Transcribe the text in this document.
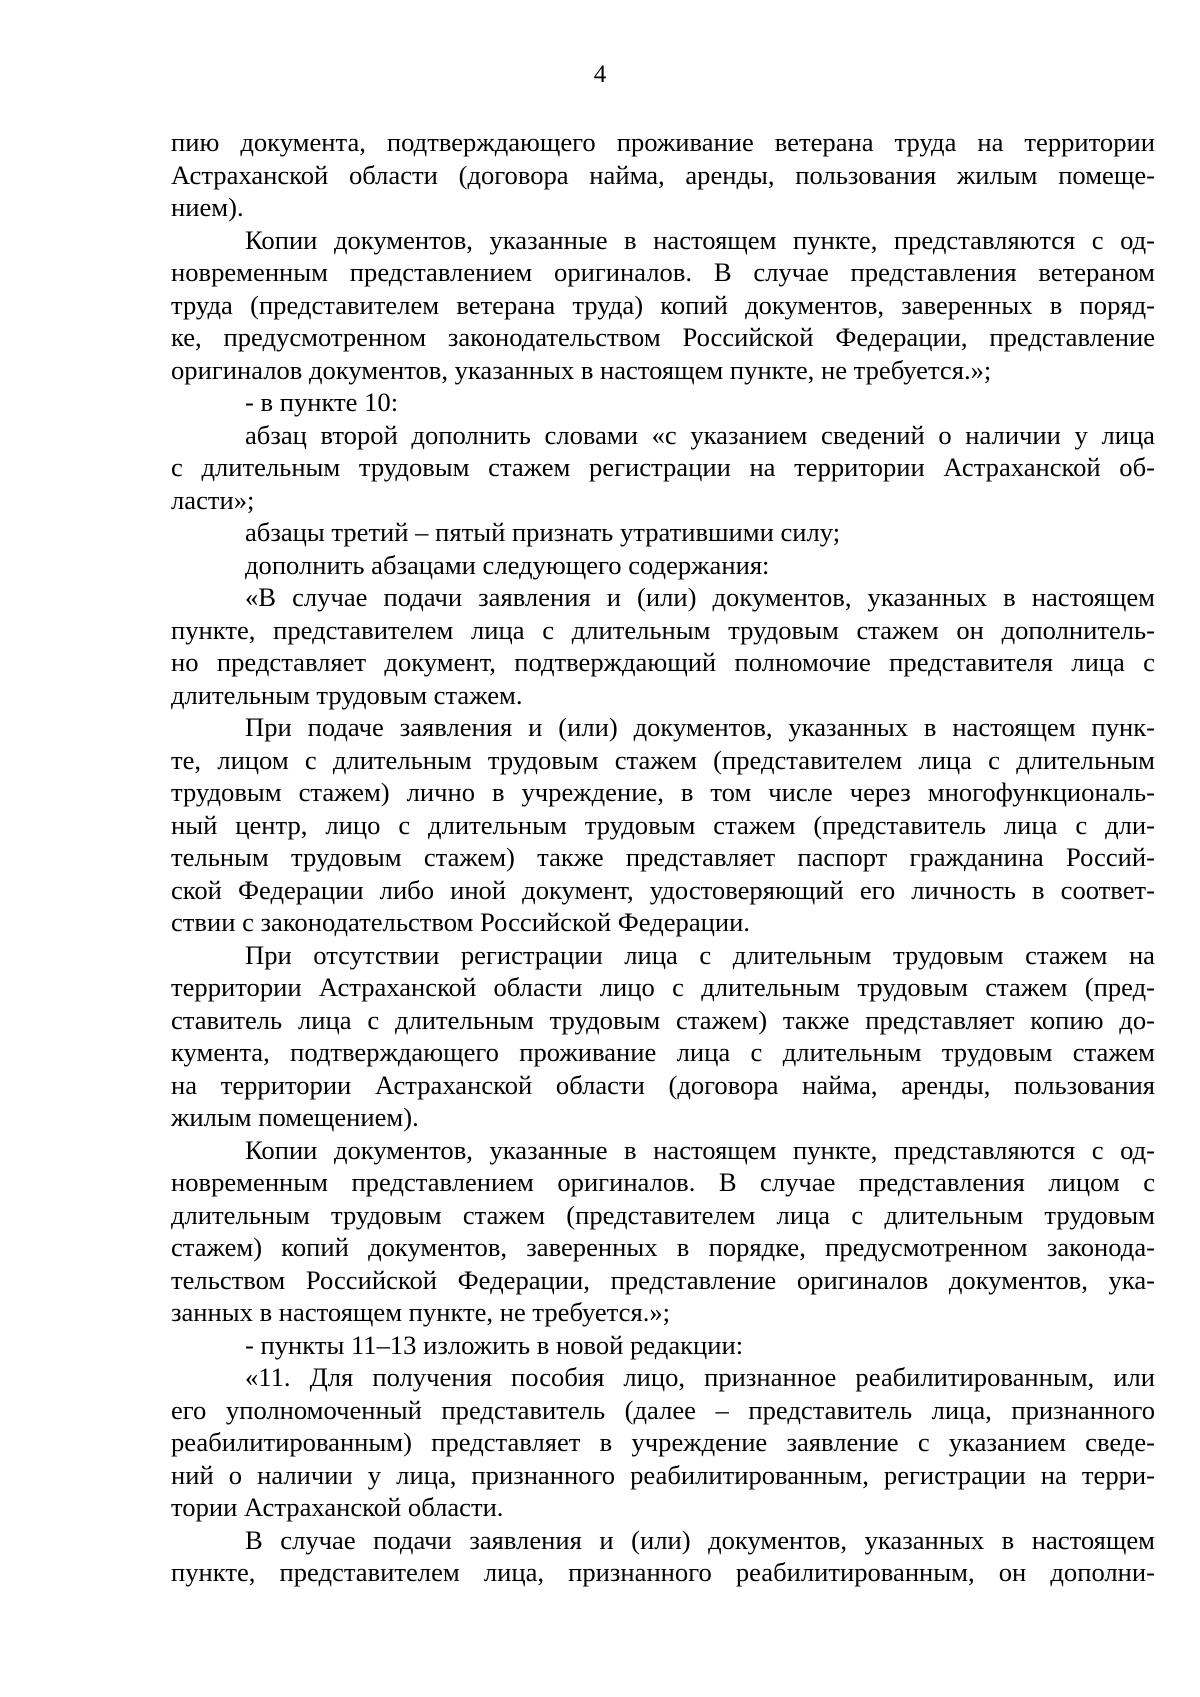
4
пию документа, подтверждающего проживание ветерана труда на территории
Астраханской области (договора найма, аренды, пользования жилым помеще-
нием).
Копии документов, указанные в настоящем пункте, представляются с од-
новременным представлением оригиналов. В случае представления ветераном
труда (представителем ветерана труда) копий документов, заверенных в поряд-
ке, предусмотренном законодательством Российской Федерации, представление
оригиналов документов, указанных в настоящем пункте, не требуется.»;
- в пункте 10:
абзац второй дополнить словами «с указанием сведений о наличии у лица
с длительным трудовым стажем регистрации на территории Астраханской об-
ласти»;
абзацы третий – пятый признать утратившими силу;
дополнить абзацами следующего содержания:
«В случае подачи заявления и (или) документов, указанных в настоящем
пункте, представителем лица с длительным трудовым стажем он дополнитель-
но представляет документ, подтверждающий полномочие представителя лица с
длительным трудовым стажем.
При подаче заявления и (или) документов, указанных в настоящем пунк-
те, лицом с длительным трудовым стажем (представителем лица с длительным
трудовым стажем) лично в учреждение, в том числе через многофункциональ-
ный центр, лицо с длительным трудовым стажем (представитель лица с дли-
тельным трудовым стажем) также представляет паспорт гражданина Россий-
ской Федерации либо иной документ, удостоверяющий его личность в соответ-
ствии с законодательством Российской Федерации.
При отсутствии регистрации лица с длительным трудовым стажем на
территории Астраханской области лицо с длительным трудовым стажем (пред-
ставитель лица с длительным трудовым стажем) также представляет копию до-
кумента, подтверждающего проживание лица с длительным трудовым стажем
на территории Астраханской области (договора найма, аренды, пользования
жилым помещением).
Копии документов, указанные в настоящем пункте, представляются с од-
новременным представлением оригиналов. В случае представления лицом с
длительным трудовым стажем (представителем лица с длительным трудовым
стажем) копий документов, заверенных в порядке, предусмотренном законода-
тельством Российской Федерации, представление оригиналов документов, ука-
занных в настоящем пункте, не требуется.»;
- пункты 11–13 изложить в новой редакции:
«11. Для получения пособия лицо, признанное реабилитированным, или
его уполномоченный представитель (далее – представитель лица, признанного
реабилитированным) представляет в учреждение заявление с указанием сведе-
ний о наличии у лица, признанного реабилитированным, регистрации на терри-
тории Астраханской области.
В случае подачи заявления и (или) документов, указанных в настоящем
пункте, представителем лица, признанного реабилитированным, он дополни-
